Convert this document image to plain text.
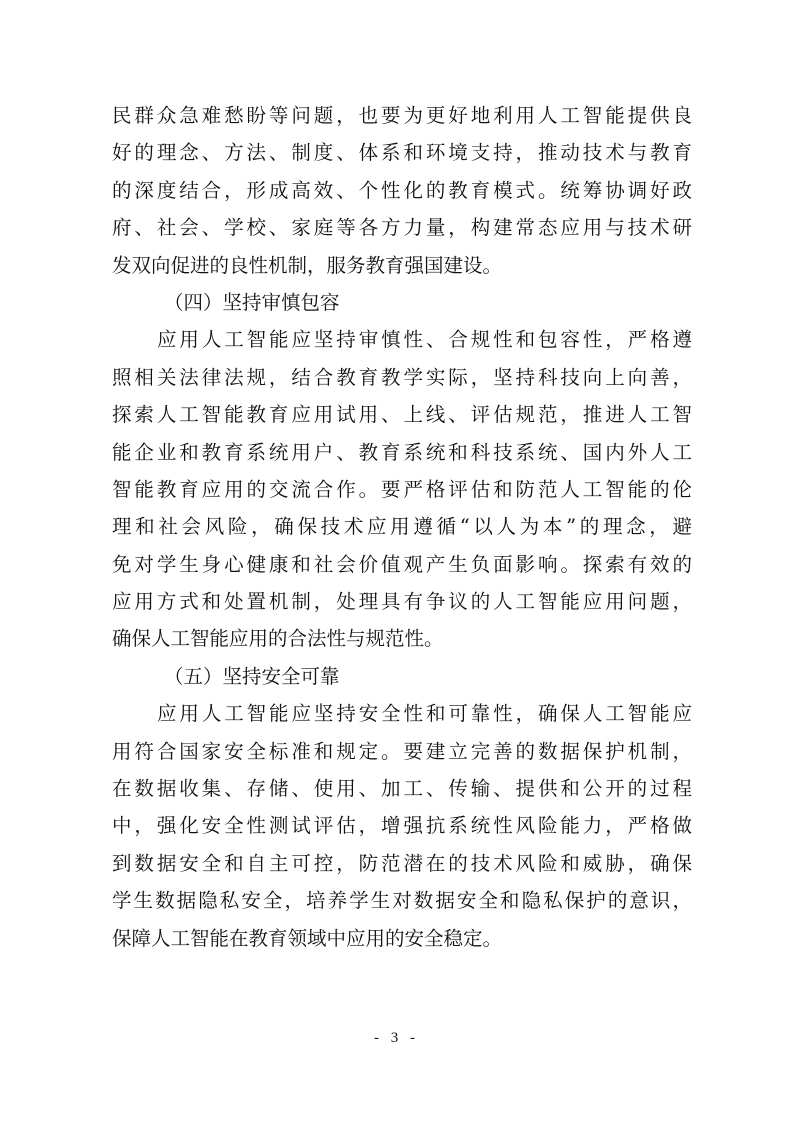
民群众急难愁盼等问题，也要为更好地利用人工智能提供良
好的理念、方法、制度、体系和环境支持，推动技术与教育
的深度结合，形成高效、个性化的教育模式。统筹协调好政
府、社会、学校、家庭等各方力量，构建常态应用与技术研
发双向促进的良性机制，服务教育强国建设。
（四）坚持审慎包容
应用人工智能应坚持审慎性、合规性和包容性，严格遵
照相关法律法规，结合教育教学实际，坚持科技向上向善，
探索人工智能教育应用试用、上线、评估规范，推进人工智
能企业和教育系统用户、教育系统和科技系统、国内外人工
智能教育应用的交流合作。要严格评估和防范人工智能的伦
理和社会风险，确保技术应用遵循“以人为本”的理念，避
免对学生身心健康和社会价值观产生负面影响。探索有效的
应用方式和处置机制，处理具有争议的人工智能应用问题，
确保人工智能应用的合法性与规范性。
（五）坚持安全可靠
应用人工智能应坚持安全性和可靠性，确保人工智能应
用符合国家安全标准和规定。要建立完善的数据保护机制，
在数据收集、存储、使用、加工、传输、提供和公开的过程
中，强化安全性测试评估，增强抗系统性风险能力，严格做
到数据安全和自主可控，防范潜在的技术风险和威胁，确保
学生数据隐私安全，培养学生对数据安全和隐私保护的意识，
保障人工智能在教育领域中应用的安全稳定。
- 3 -
